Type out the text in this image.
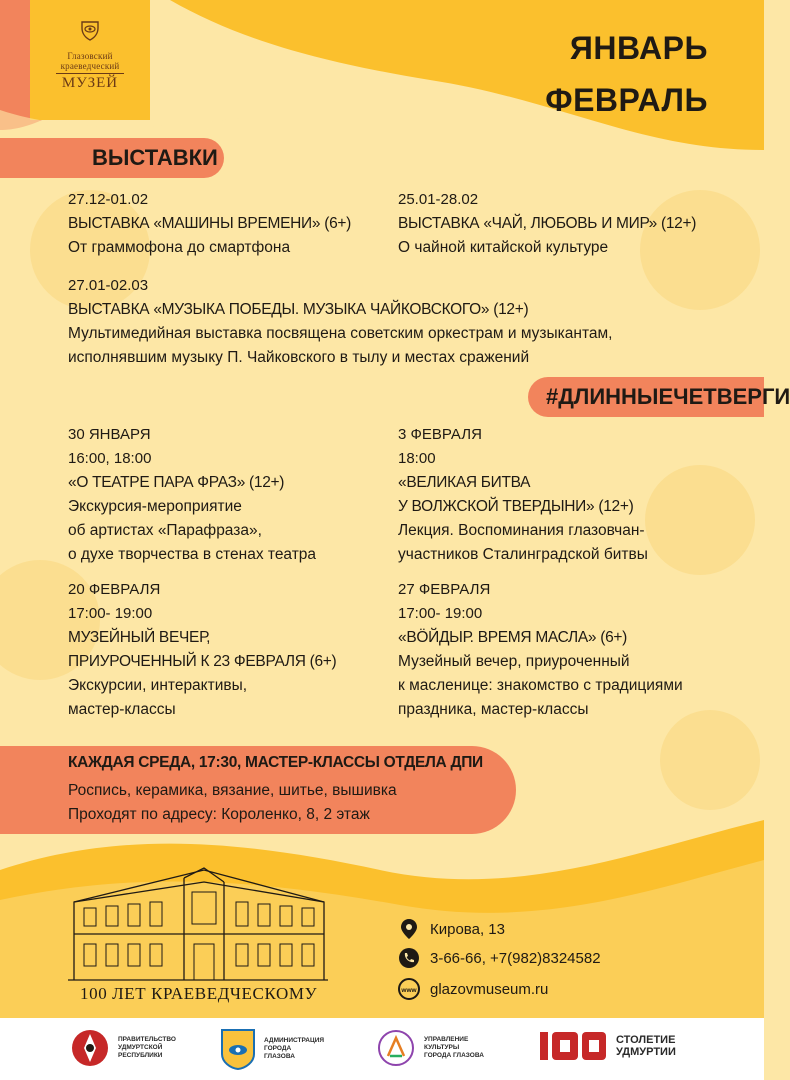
Глазовский
краеведческий
МУЗЕЙ
ЯНВАРЬ
ФЕВРАЛЬ
ВЫСТАВКИ
27.12-01.02
ВЫСТАВКА «МАШИНЫ ВРЕМЕНИ» (6+)
От граммофона до смартфона
25.01-28.02
ВЫСТАВКА «ЧАЙ, ЛЮБОВЬ И МИР» (12+)
О чайной китайской культуре
27.01-02.03
ВЫСТАВКА «МУЗЫКА ПОБЕДЫ. МУЗЫКА ЧАЙКОВСКОГО» (12+)
Мультимедийная выставка посвящена советским оркестрам и музыкантам,
исполнявшим музыку П. Чайковского в тылу и местах сражений
#ДЛИННЫЕЧЕТВЕРГИ
30 ЯНВАРЯ
16:00, 18:00
«О ТЕАТРЕ ПАРА ФРАЗ» (12+)
Экскурсия-мероприятие
об артистах «Парафраза»,
о духе творчества в стенах театра
3 ФЕВРАЛЯ
18:00
«ВЕЛИКАЯ БИТВА
У ВОЛЖСКОЙ ТВЕРДЫНИ» (12+)
Лекция. Воспоминания глазовчан-
участников Сталинградской битвы
20 ФЕВРАЛЯ
17:00- 19:00
МУЗЕЙНЫЙ ВЕЧЕР,
ПРИУРОЧЕННЫЙ К 23 ФЕВРАЛЯ (6+)
Экскурсии, интерактивы,
мастер-классы
27 ФЕВРАЛЯ
17:00- 19:00
«ВÖЙДЫР. ВРЕМЯ МАСЛА» (6+)
Музейный вечер, приуроченный
к масленице: знакомство с традициями
праздника, мастер-классы
КАЖДАЯ СРЕДА, 17:30, МАСТЕР-КЛАССЫ ОТДЕЛА ДПИ
Роспись, керамика, вязание, шитье, вышивка
Проходят по адресу: Короленко, 8, 2 этаж
100 ЛЕТ КРАЕВЕДЧЕСКОМУ
Кирова, 13
3-66-66, +7(982)8324582
www glazovmuseum.ru
ПРАВИТЕЛЬСТВО
УДМУРТСКОЙ
РЕСПУБЛИКИ
АДМИНИСТРАЦИЯ
ГОРОДА
ГЛАЗОВА
УПРАВЛЕНИЕ
КУЛЬТУРЫ
ГОРОДА ГЛАЗОВА
СТОЛЕТИЕ
УДМУРТИИ
